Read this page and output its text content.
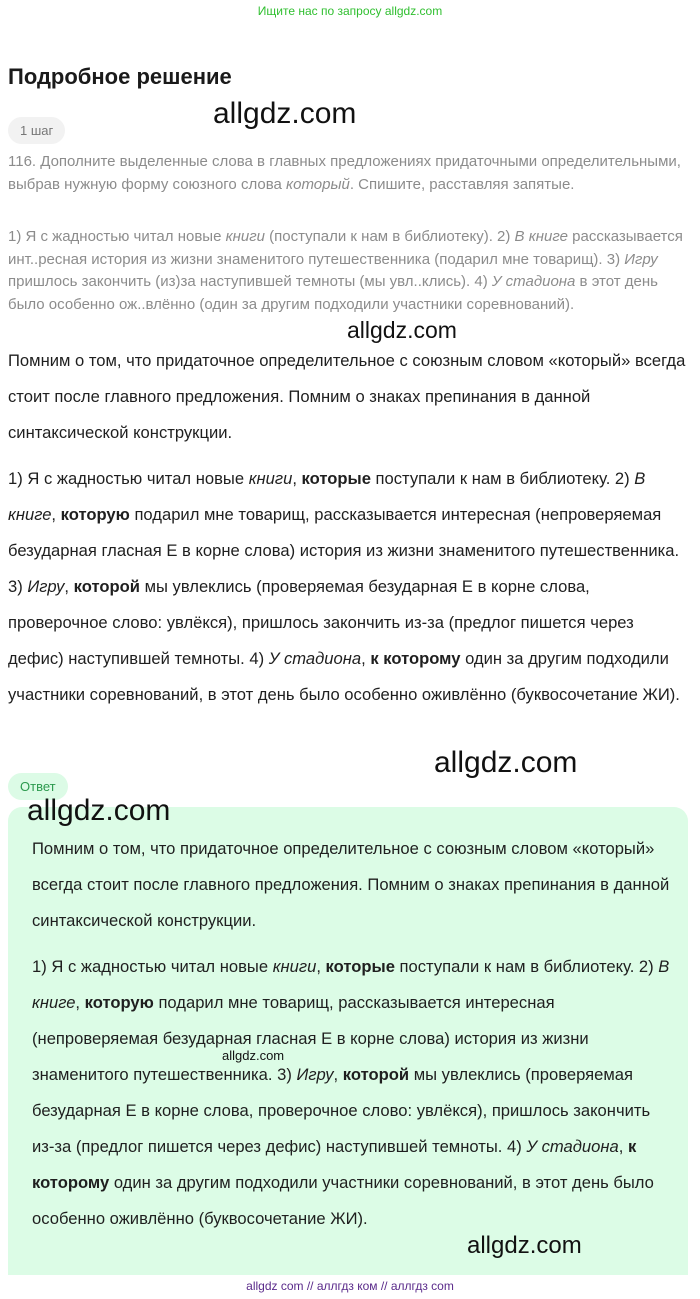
Ищите нас по запросу allgdz.com
Подробное решение
1 шаг

116. Дополните выделенные слова в главных предложениях придаточными определительными, выбрав нужную форму союзного слова который. Спишите, расставляя запятые.

1) Я с жадностью читал новые книги (поступали к нам в библиотеку). 2) В книге рассказывается инт..ресная история из жизни знаменитого путешественника (подарил мне товарищ). 3) Игру пришлось закончить (из)за наступившей темноты (мы увл..клись). 4) У стадиона в этот день было особенно ож..влённо (один за другим подходили участники соревнований).

Помним о том, что придаточное определительное с союзным словом «который» всегда стоит после главного предложения. Помним о знаках препинания в данной синтаксической конструкции.

1) Я с жадностью читал новые книги, которые поступали к нам в библиотеку. 2) В книге, которую подарил мне товарищ, рассказывается интересная (непроверяемая безударная гласная Е в корне слова) история из жизни знаменитого путешественника. 3) Игру, которой мы увлеклись (проверяемая безударная Е в корне слова, проверочное слово: увлёкся), пришлось закончить из-за (предлог пишется через дефис) наступившей темноты. 4) У стадиона, к которому один за другим подходили участники соревнований, в этот день было особенно оживлённо (буквосочетание ЖИ).

Ответ

Помним о том, что придаточное определительное с союзным словом «который» всегда стоит после главного предложения. Помним о знаках препинания в данной синтаксической конструкции.

1) Я с жадностью читал новые книги, которые поступали к нам в библиотеку. 2) В книге, которую подарил мне товарищ, рассказывается интересная (непроверяемая безударная гласная Е в корне слова) история из жизни знаменитого путешественника. 3) Игру, которой мы увлеклись (проверяемая безударная Е в корне слова, проверочное слово: увлёкся), пришлось закончить из-за (предлог пишется через дефис) наступившей темноты. 4) У стадиона, к которому один за другим подходили участники соревнований, в этот день было особенно оживлённо (буквосочетание ЖИ).

allgdz.com
allgdz.com
allgdz.com
allgdz.com
allgdz.com
allgdz.com
allgdz com // аллгдз ком // аллгдз com
